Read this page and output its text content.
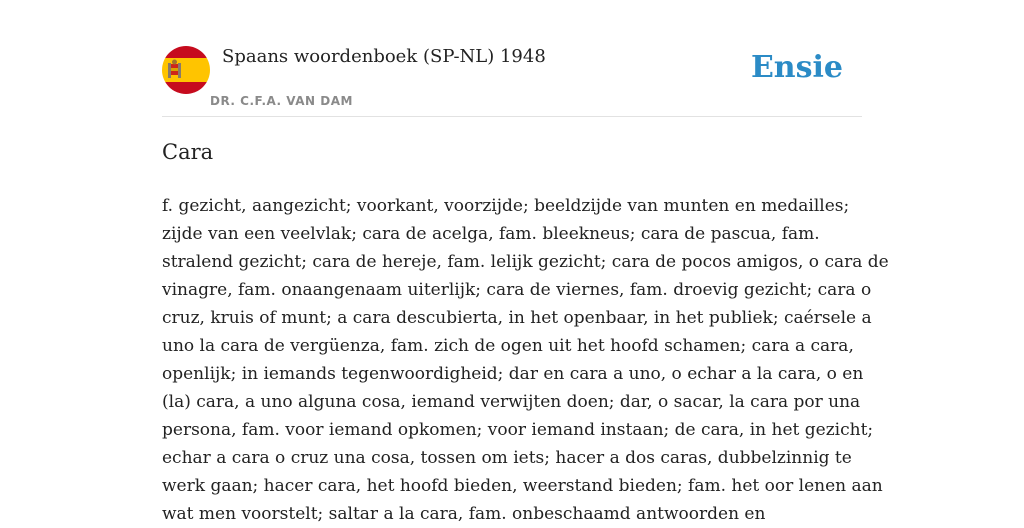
Spaans woordenboek (SP-NL) 1948
DR. C.F.A. VAN DAM
Ensie
Cara
f. gezicht, aangezicht; voorkant, voorzijde; beeldzijde van munten en medailles;
zijde van een veelvlak; cara de acelga, fam. bleekneus; cara de pascua, fam.
stralend gezicht; cara de hereje, fam. lelijk gezicht; cara de pocos amigos, o cara de
vinagre, fam. onaangenaam uiterlijk; cara de viernes, fam. droevig gezicht; cara o
cruz, kruis of munt; a cara descubierta, in het openbaar, in het publiek; caérsele a
uno la cara de vergüenza, fam. zich de ogen uit het hoofd schamen; cara a cara,
openlijk; in iemands tegenwoordigheid; dar en cara a uno, o echar a la cara, o en
(la) cara, a uno alguna cosa, iemand verwijten doen; dar, o sacar, la cara por una
persona, fam. voor iemand opkomen; voor iemand instaan; de cara, in het gezicht;
echar a cara o cruz una cosa, tossen om iets; hacer a dos caras, dubbelzinnig te
werk gaan; hacer cara, het hoofd bieden, weerstand bieden; fam. het oor lenen aan
wat men voorstelt; saltar a la cara, fam. onbeschaamd antwoorden en
